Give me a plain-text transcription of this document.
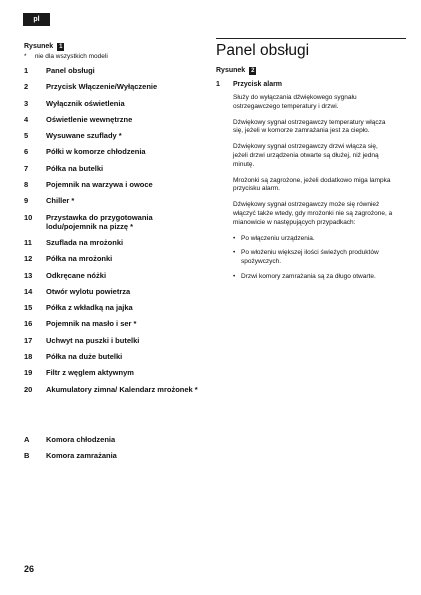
pl
Rysunek 1
* nie dla wszystkich modeli
1	Panel obsługi
2	Przycisk Włączenie/Wyłączenie
3	Wyłącznik oświetlenia
4	Oświetlenie wewnętrzne
5	Wysuwane szuflady *
6	Półki w komorze chłodzenia
7	Półka na butelki
8	Pojemnik na warzywa i owoce
9	Chiller *
10	Przystawka do przygotowania lodu/pojemnik na pizzę *
11	Szuflada na mrożonki
12	Półka na mrożonki
13	Odkręcane nóżki
14	Otwór wylotu powietrza
15	Półka z wkładką na jajka
16	Pojemnik na masło i ser *
17	Uchwyt na puszki i butelki
18	Półka na duże butelki
19	Filtr z węglem aktywnym
20	Akumulatory zimna/ Kalendarz mrożonek *
A	Komora chłodzenia
B	Komora zamrażania
26
Panel obsługi
Rysunek 2
1	Przycisk alarm
Służy do wyłączania dźwiękowego sygnału ostrzegawczego temperatury i drzwi.
Dźwiękowy sygnał ostrzegawczy temperatury włącza się, jeżeli w komorze zamrażania jest za ciepło.
Dźwiękowy sygnał ostrzegawczy drzwi włącza się, jeżeli drzwi urządzenia otwarte są dłużej, niż jedną minutę.
Mrożonki są zagrożone, jeżeli dodatkowo miga lampka przycisku alarm.
Dźwiękowy sygnał ostrzegawczy może się również włączyć także wtedy, gdy mrożonki nie są zagrożone, a mianowicie w następujących przypadkach:
• Po włączeniu urządzenia.
• Po włożeniu większej ilości świeżych produktów spożywczych.
• Drzwi komory zamrażania są za długo otwarte.
